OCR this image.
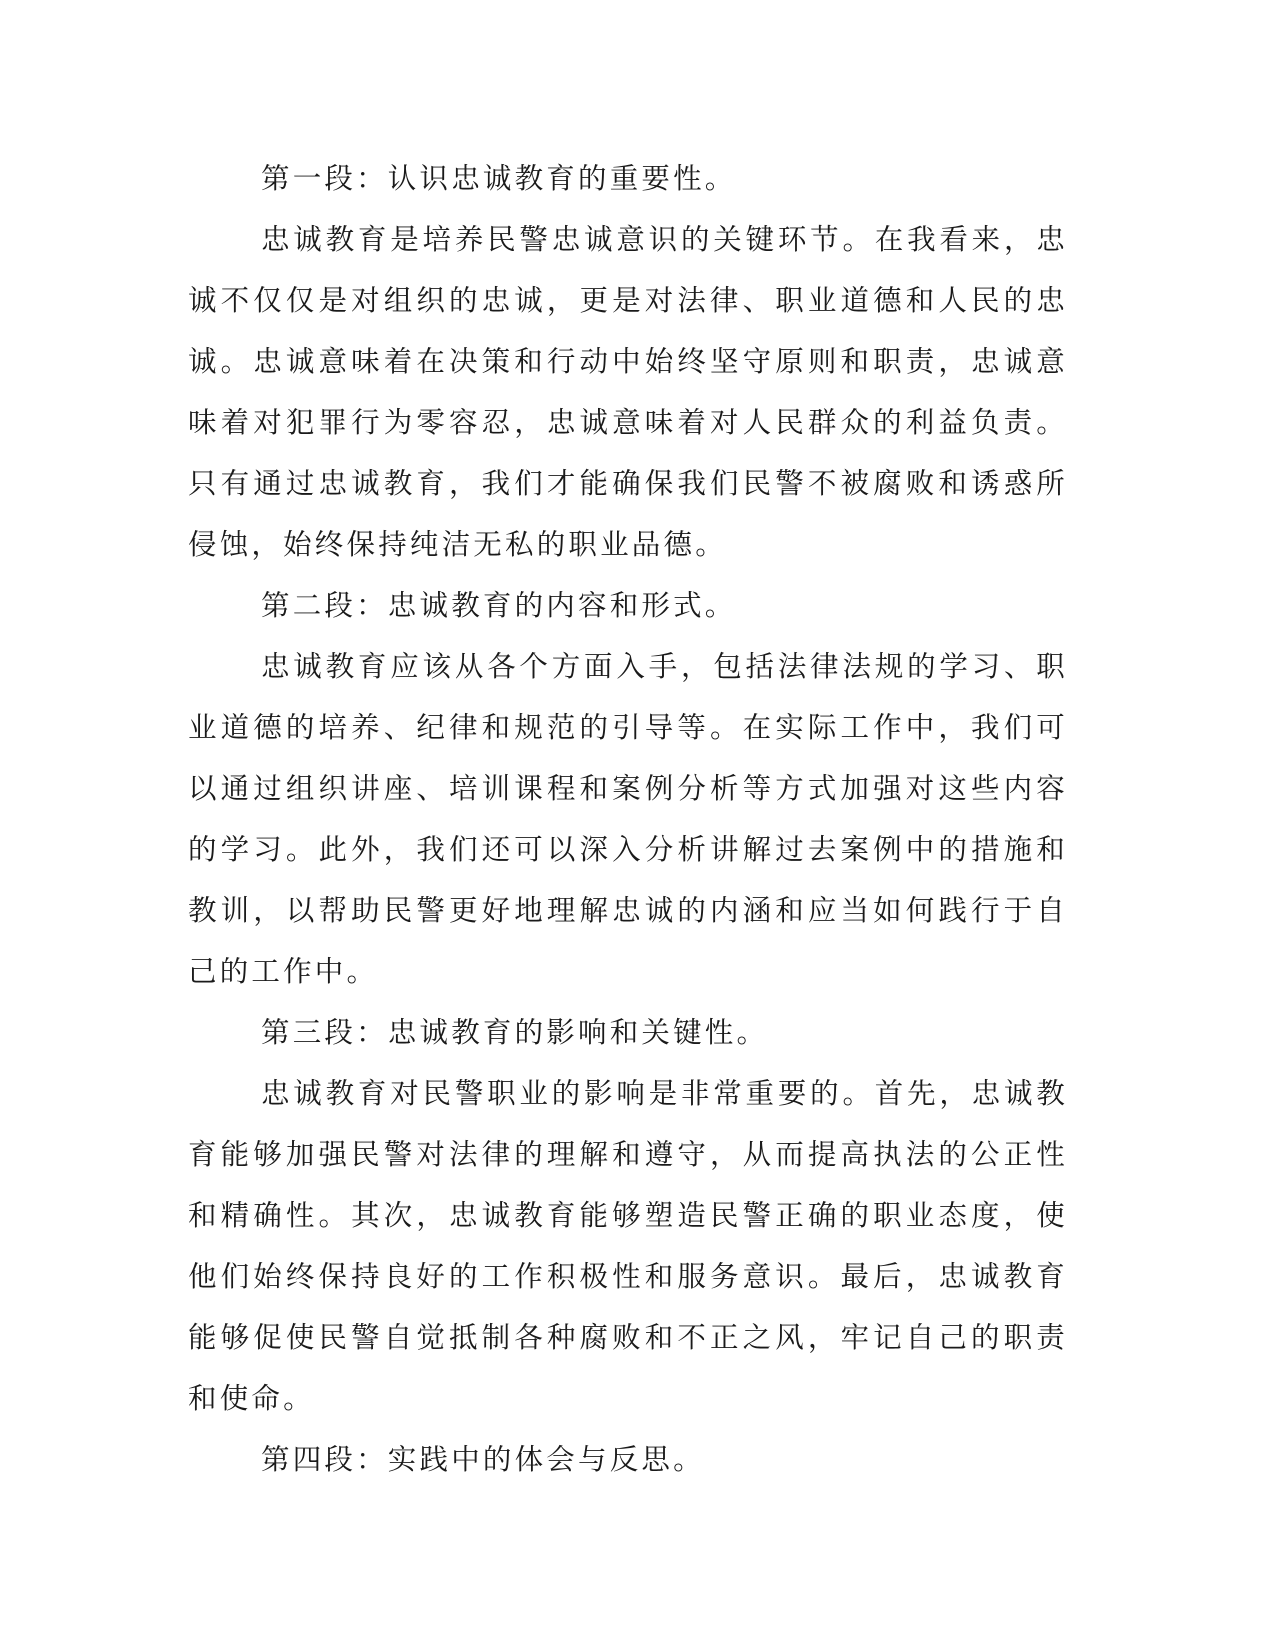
第一段：认识忠诚教育的重要性。

忠诚教育是培养民警忠诚意识的关键环节。在我看来，忠诚不仅仅是对组织的忠诚，更是对法律、职业道德和人民的忠诚。忠诚意味着在决策和行动中始终坚守原则和职责，忠诚意味着对犯罪行为零容忍，忠诚意味着对人民群众的利益负责。只有通过忠诚教育，我们才能确保我们民警不被腐败和诱惑所侵蚀，始终保持纯洁无私的职业品德。

第二段：忠诚教育的内容和形式。

忠诚教育应该从各个方面入手，包括法律法规的学习、职业道德的培养、纪律和规范的引导等。在实际工作中，我们可以通过组织讲座、培训课程和案例分析等方式加强对这些内容的学习。此外，我们还可以深入分析讲解过去案例中的措施和教训，以帮助民警更好地理解忠诚的内涵和应当如何践行于自己的工作中。

第三段：忠诚教育的影响和关键性。

忠诚教育对民警职业的影响是非常重要的。首先，忠诚教育能够加强民警对法律的理解和遵守，从而提高执法的公正性和精确性。其次，忠诚教育能够塑造民警正确的职业态度，使他们始终保持良好的工作积极性和服务意识。最后，忠诚教育能够促使民警自觉抵制各种腐败和不正之风，牢记自己的职责和使命。

第四段：实践中的体会与反思。
